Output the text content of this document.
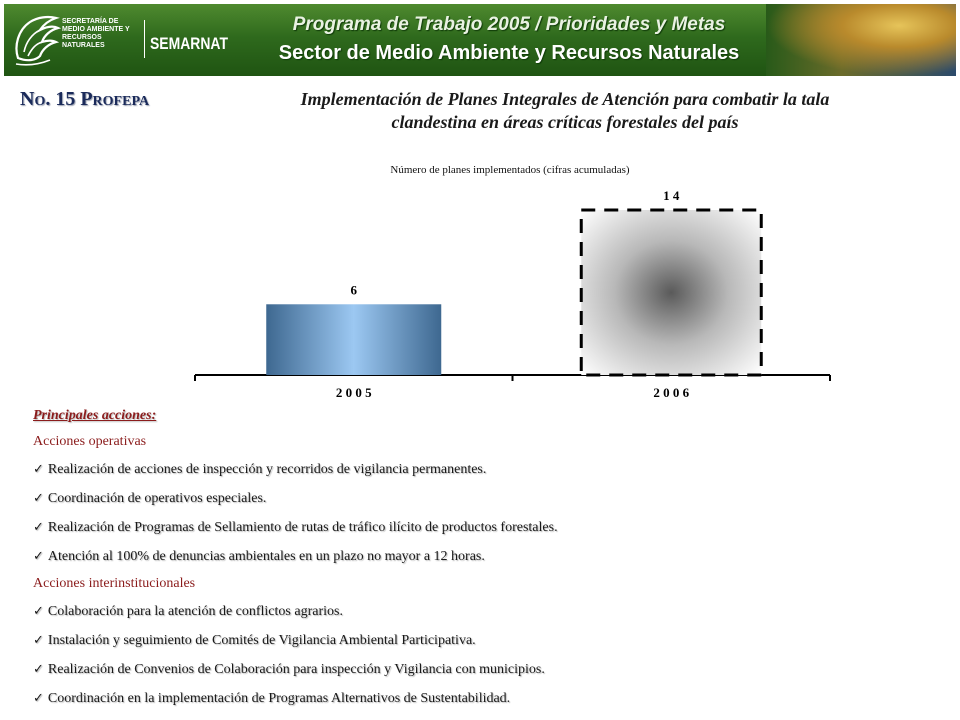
SECRETARÍA DE MEDIO AMBIENTE Y RECURSOS NATURALES	SEMARNAT
Programa de Trabajo 2005 / Prioridades y Metas
Sector de Medio Ambiente y Recursos Naturales
No. 15 Profepa	Implementación de Planes Integrales de Atención para combatir la tala
clandestina en áreas críticas forestales del país
Número de planes implementados (cifras acumuladas)
6
2 0 0 5
1 4
2 0 0 6
Principales acciones:
Acciones operativas
✓ Realización de acciones de inspección y recorridos de vigilancia permanentes.
✓ Coordinación de operativos especiales.
✓ Realización de Programas de Sellamiento de rutas de tráfico ilícito de productos forestales.
✓ Atención al 100% de denuncias ambientales en un plazo no mayor a 12 horas.
Acciones interinstitucionales
✓ Colaboración para la atención de conflictos agrarios.
✓ Instalación y seguimiento de Comités de Vigilancia Ambiental Participativa.
✓ Realización de Convenios de Colaboración para inspección y Vigilancia con municipios.
✓ Coordinación en la implementación de Programas Alternativos de Sustentabilidad.
